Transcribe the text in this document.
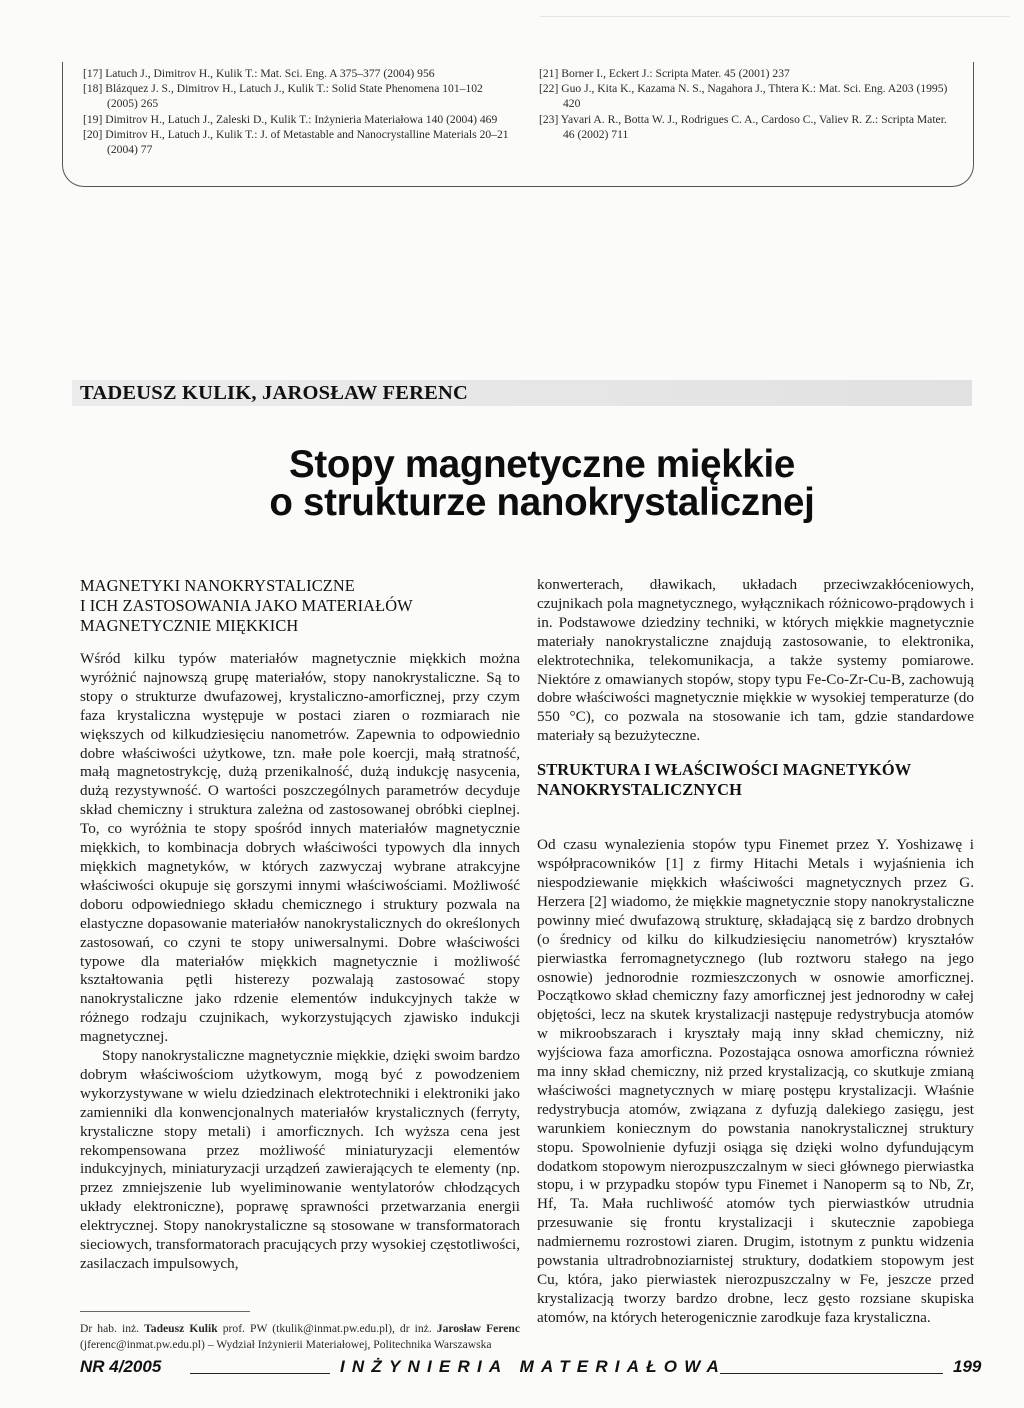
[17] Latuch J., Dimitrov H., Kulik T.: Mat. Sci. Eng. A 375–377 (2004) 956
[18] Blázquez J. S., Dimitrov H., Latuch J., Kulik T.: Solid State Phenomena 101–102 (2005) 265
[19] Dimitrov H., Latuch J., Zaleski D., Kulik T.: Inżynieria Materiałowa 140 (2004) 469
[20] Dimitrov H., Latuch J., Kulik T.: J. of Metastable and Nanocrystalline Materials 20–21 (2004) 77
[21] Borner I., Eckert J.: Scripta Mater. 45 (2001) 237
[22] Guo J., Kita K., Kazama N. S., Nagahora J., Thtera K.: Mat. Sci. Eng. A203 (1995) 420
[23] Yavari A. R., Botta W. J., Rodrigues C. A., Cardoso C., Valiev R. Z.: Scripta Mater. 46 (2002) 711
TADEUSZ KULIK, JAROSŁAW FERENC
Stopy magnetyczne miękkie
o strukturze nanokrystalicznej
MAGNETYKI NANOKRYSTALICZNE
I ICH ZASTOSOWANIA JAKO MATERIAŁÓW
MAGNETYCZNIE MIĘKKICH

Wśród kilku typów materiałów magnetycznie miękkich można wyróżnić najnowszą grupę materiałów, stopy nanokrystaliczne. Są to stopy o strukturze dwufazowej, krystaliczno-amorficznej, przy czym faza krystaliczna występuje w postaci ziaren o rozmiarach nie większych od kilkudziesięciu nanometrów. Zapewnia to odpowiednio dobre właściwości użytkowe, tzn. małe pole koercji, małą stratność, małą magnetostrykcję, dużą przenikalność, dużą indukcję nasycenia, dużą rezystywność. O wartości poszczególnych parametrów decyduje skład chemiczny i struktura zależna od zastosowanej obróbki cieplnej. To, co wyróżnia te stopy spośród innych materiałów magnetycznie miękkich, to kombinacja dobrych właściwości typowych dla innych miękkich magnetyków, w których zazwyczaj wybrane atrakcyjne właściwości okupuje się gorszymi innymi właściwościami. Możliwość doboru odpowiedniego składu chemicznego i struktury pozwala na elastyczne dopasowanie materiałów nanokrystalicznych do określonych zastosowań, co czyni te stopy uniwersalnymi. Dobre właściwości typowe dla materiałów miękkich magnetycznie i możliwość kształtowania pętli histerezy pozwalają zastosować stopy nanokrystaliczne jako rdzenie elementów indukcyjnych także w różnego rodzaju czujnikach, wykorzystujących zjawisko indukcji magnetycznej.

Stopy nanokrystaliczne magnetycznie miękkie, dzięki swoim bardzo dobrym właściwościom użytkowym, mogą być z powodzeniem wykorzystywane w wielu dziedzinach elektrotechniki i elektroniki jako zamienniki dla konwencjonalnych materiałów krystalicznych (ferryty, krystaliczne stopy metali) i amorficznych. Ich wyższa cena jest rekompensowana przez możliwość miniaturyzacji elementów indukcyjnych, miniaturyzacji urządzeń zawierających te elementy (np. przez zmniejszenie lub wyeliminowanie wentylatorów chłodzących układy elektroniczne), poprawę sprawności przetwarzania energii elektrycznej. Stopy nanokrystaliczne są stosowane w transformatorach sieciowych, transformatorach pracujących przy wysokiej częstotliwości, zasilaczach impulsowych,

konwerterach, dławikach, układach przeciwzakłóceniowych, czujnikach pola magnetycznego, wyłącznikach różnicowo-prądowych i in. Podstawowe dziedziny techniki, w których miękkie magnetycznie materiały nanokrystaliczne znajdują zastosowanie, to elektronika, elektrotechnika, telekomunikacja, a także systemy pomiarowe. Niektóre z omawianych stopów, stopy typu Fe-Co-Zr-Cu-B, zachowują dobre właściwości magnetycznie miękkie w wysokiej temperaturze (do 550 °C), co pozwala na stosowanie ich tam, gdzie standardowe materiały są bezużyteczne.

STRUKTURA I WŁAŚCIWOŚCI MAGNETYKÓW
NANOKRYSTALICZNYCH

Od czasu wynalezienia stopów typu Finemet przez Y. Yoshizawę i współpracowników [1] z firmy Hitachi Metals i wyjaśnienia ich niespodziewanie miękkich właściwości magnetycznych przez G. Herzera [2] wiadomo, że miękkie magnetycznie stopy nanokrystaliczne powinny mieć dwufazową strukturę, składającą się z bardzo drobnych (o średnicy od kilku do kilkudziesięciu nanometrów) kryształów pierwiastka ferromagnetycznego (lub roztworu stałego na jego osnowie) jednorodnie rozmieszczonych w osnowie amorficznej. Początkowo skład chemiczny fazy amorficznej jest jednorodny w całej objętości, lecz na skutek krystalizacji następuje redystrybucja atomów w mikroobszarach i kryształy mają inny skład chemiczny, niż wyjściowa faza amorficzna. Pozostająca osnowa amorficzna również ma inny skład chemiczny, niż przed krystalizacją, co skutkuje zmianą właściwości magnetycznych w miarę postępu krystalizacji. Właśnie redystrybucja atomów, związana z dyfuzją dalekiego zasięgu, jest warunkiem koniecznym do powstania nanokrystalicznej struktury stopu. Spowolnienie dyfuzji osiąga się dzięki wolno dyfundującym dodatkom stopowym nierozpuszczalnym w sieci głównego pierwiastka stopu, i w przypadku stopów typu Finemet i Nanoperm są to Nb, Zr, Hf, Ta. Mała ruchliwość atomów tych pierwiastków utrudnia przesuwanie się frontu krystalizacji i skutecznie zapobiega nadmiernemu rozrostowi ziaren. Drugim, istotnym z punktu widzenia powstania ultradrobnoziarnistej struktury, dodatkiem stopowym jest Cu, która, jako pierwiastek nierozpuszczalny w Fe, jeszcze przed krystalizacją tworzy bardzo drobne, lecz gęsto rozsiane skupiska atomów, na których heterogenicznie zarodkuje faza krystaliczna.

Dr hab. inż. Tadeusz Kulik prof. PW (tkulik@inmat.pw.edu.pl), dr inż. Jarosław Ferenc (jferenc@inmat.pw.edu.pl) – Wydział Inżynierii Materiałowej, Politechnika Warszawska
NR 4/2005	INŻYNIERIA MATERIAŁOWA	199
